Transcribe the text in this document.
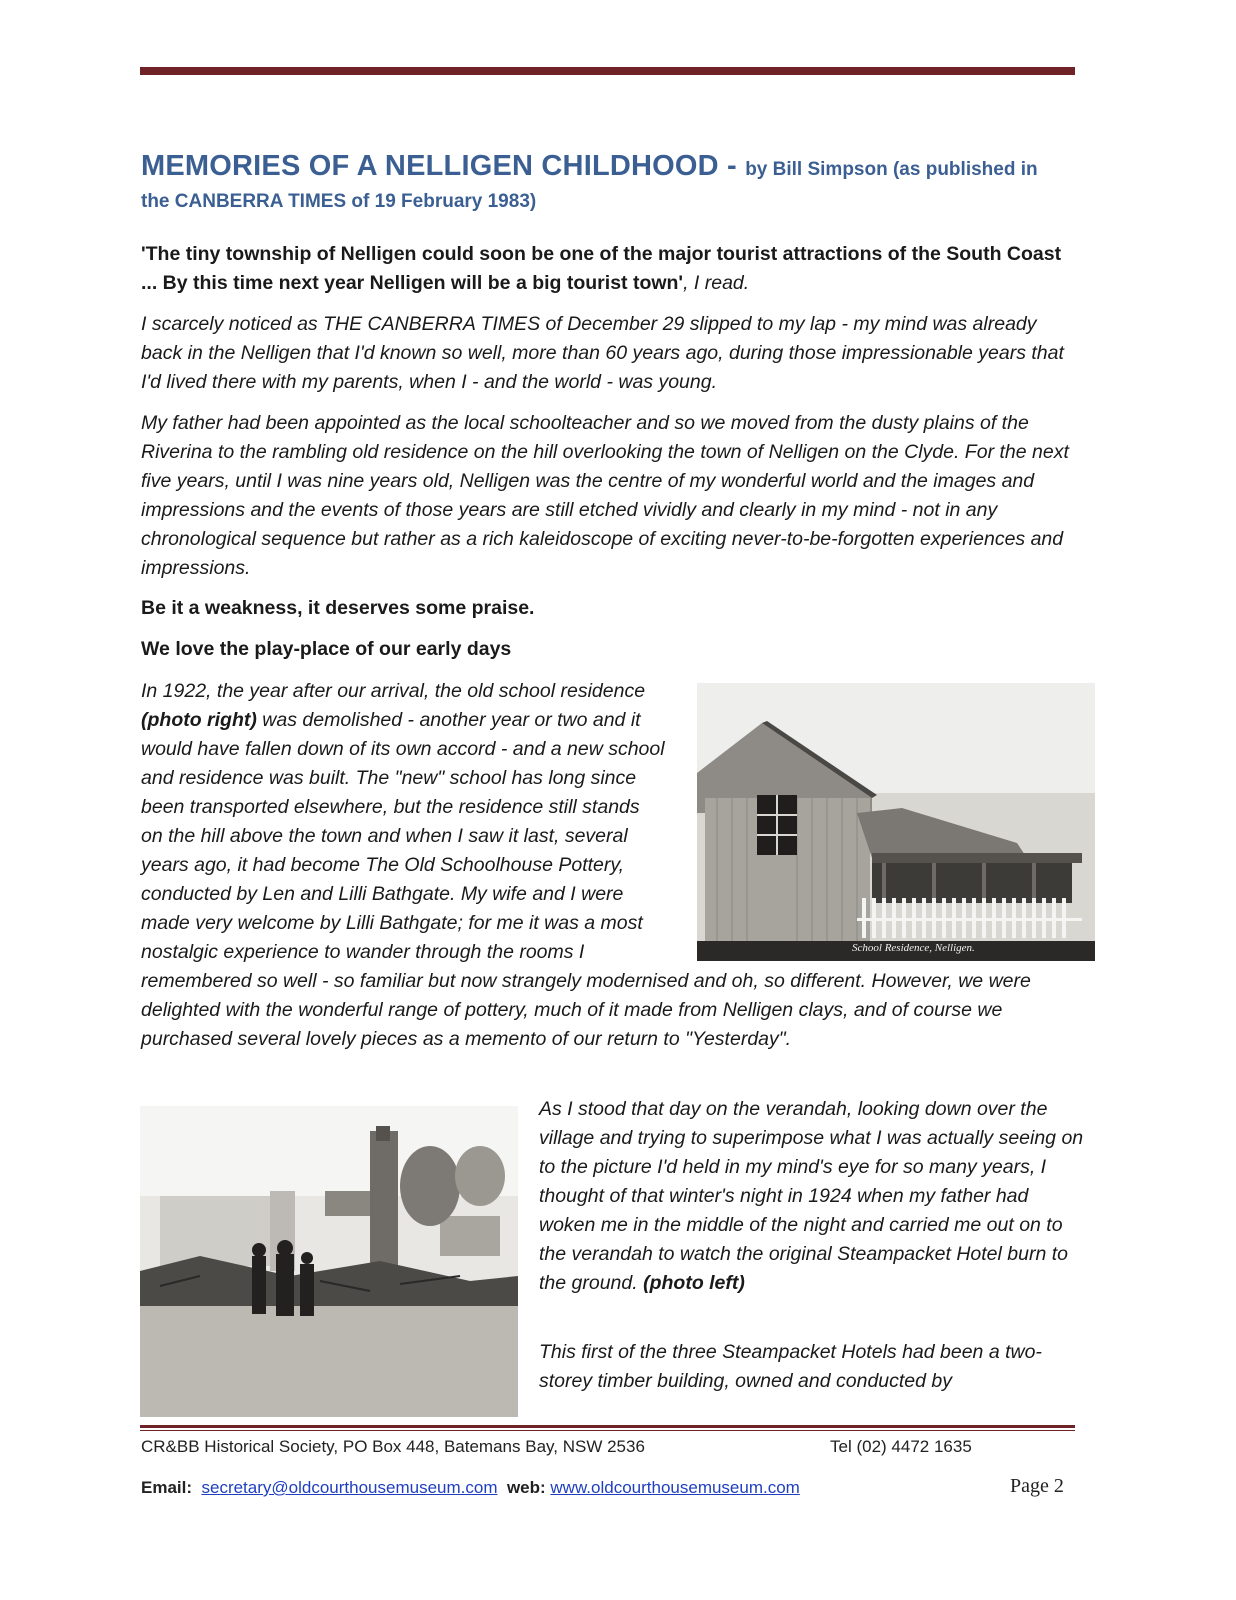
MEMORIES OF A NELLIGEN CHILDHOOD - by Bill Simpson (as published in
the CANBERRA TIMES of 19 February 1983)

'The tiny township of Nelligen could soon be one of the major tourist attractions of the South Coast ... By this time next year Nelligen will be a big tourist town', I read.

I scarcely noticed as THE CANBERRA TIMES of December 29 slipped to my lap - my mind was already back in the Nelligen that I'd known so well, more than 60 years ago, during those impressionable years that I'd lived there with my parents, when I - and the world - was young.

My father had been appointed as the local schoolteacher and so we moved from the dusty plains of the Riverina to the rambling old residence on the hill overlooking the town of Nelligen on the Clyde. For the next five years, until I was nine years old, Nelligen was the centre of my wonderful world and the images and impressions and the events of those years are still etched vividly and clearly in my mind - not in any chronological sequence but rather as a rich kaleidoscope of exciting never-to-be-forgotten experiences and impressions.

Be it a weakness, it deserves some praise.

We love the play-place of our early days

School Residence, Nelligen.

In 1922, the year after our arrival, the old school residence (photo right) was demolished - another year or two and it would have fallen down of its own accord - and a new school and residence was built. The "new" school has long since been transported elsewhere, but the residence still stands on the hill above the town and when I saw it last, several years ago, it had become The Old Schoolhouse Pottery, conducted by Len and Lilli Bathgate. My wife and I were made very welcome by Lilli Bathgate; for me it was a most nostalgic experience to wander through the rooms I remembered so well - so familiar but now strangely modernised and oh, so different. However, we were delighted with the wonderful range of pottery, much of it made from Nelligen clays, and of course we purchased several lovely pieces as a memento of our return to "Yesterday".

As I stood that day on the verandah, looking down over the village and trying to superimpose what I was actually seeing on to the picture I'd held in my mind's eye for so many years, I thought of that winter's night in 1924 when my father had woken me in the middle of the night and carried me out on to the verandah to watch the original Steampacket Hotel burn to the ground. (photo left)

This first of the three Steampacket Hotels had been a two-storey timber building, owned and conducted by

CR&BB Historical Society, PO Box 448, Batemans Bay, NSW 2536	Tel (02) 4472 1635
Email: secretary@oldcourthousemuseum.com web: www.oldcourthousemuseum.com	Page 2
